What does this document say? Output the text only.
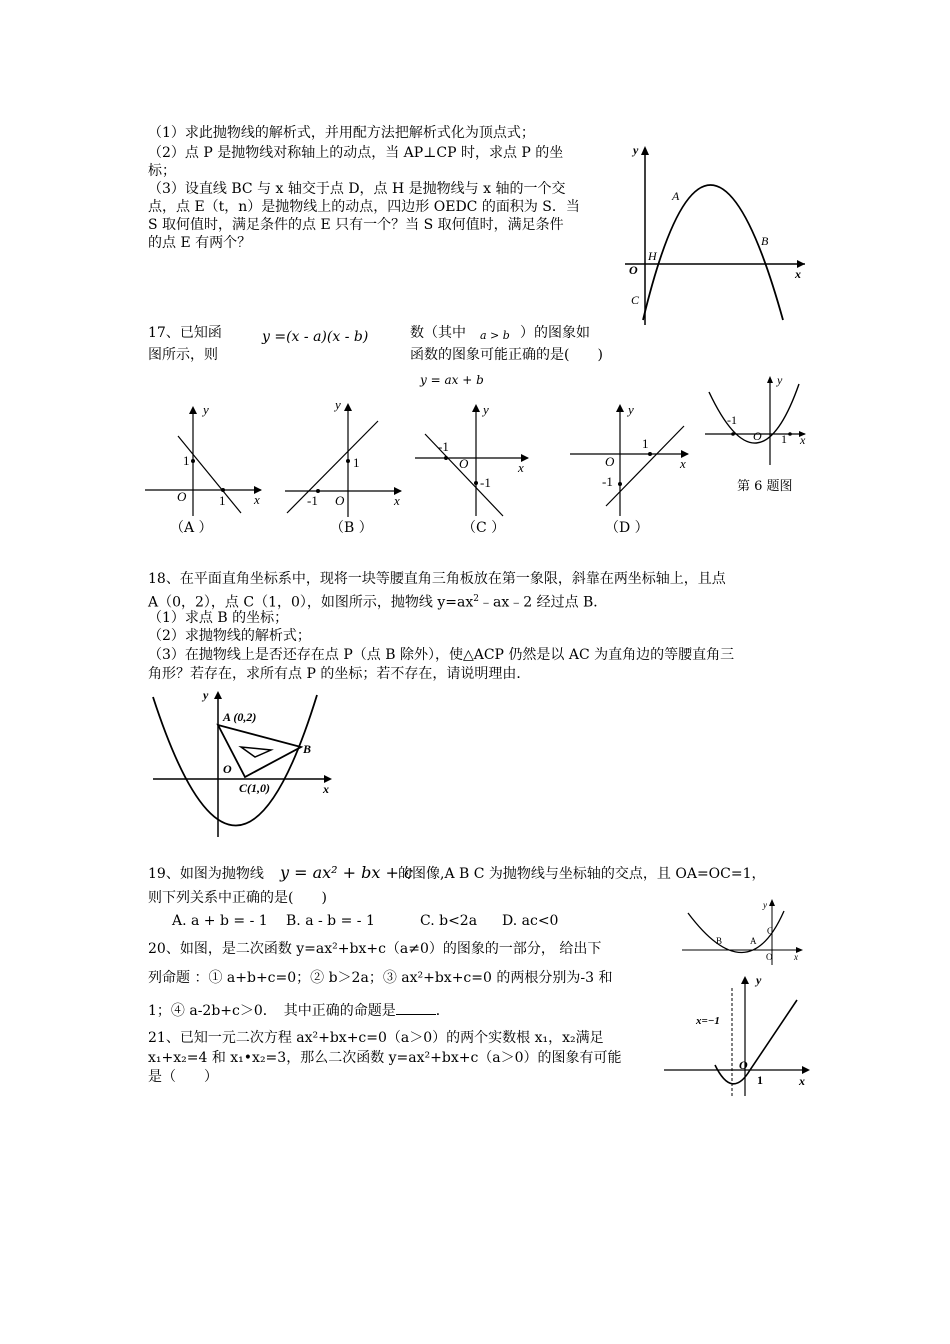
（1）求此抛物线的解析式，并用配方法把解析式化为顶点式；
（2）点 P 是抛物线对称轴上的动点，当 AP⊥CP 时，求点 P 的坐
标；
（3）设直线 BC 与 x 轴交于点 D，点 H 是抛物线与 x 轴的一个交
点，点 E（t，n）是抛物线上的动点，四边形 OEDC 的面积为 S．当
S 取何值时，满足条件的点 E 只有一个？当 S 取何值时，满足条件
的点 E 有两个？
y
x
A
B
H
O
C
17、已知函	y =(x - a)(x - b)	数（其中 a > b ）的图象如
图所示，则	函数的图象可能正确的是(　　)
y = ax + b
y
x
1
1
O
（A ）
y
x
1
-1 O
（B ）
y
x
-1
-1
O
（C ）
y
x
1
-1
O
（D ）
y
x
-1
1
O
第 6 题图
18、在平面直角坐标系中，现将一块等腰直角三角板放在第一象限，斜靠在两坐标轴上，且点
A（0，2），点 C（1，0），如图所示，抛物线 $y=ax^2﹣ax﹣2$ 经过点 B．
（1）求点 B 的坐标；
（2）求抛物线的解析式；
（3）在抛物线上是否还存在点 P（点 B 除外），使△ACP 仍然是以 AC 为直角边的等腰直角三
角形？若存在，求所有点 P 的坐标；若不存在，请说明理由．
y
A (0,2)
B
O
C(1,0)	x
19、如图为抛物线 y = ax² + bx + c
的图像,A B C 为抛物线与坐标轴的交点，且 OA=OC=1，
则下列关系中正确的是(　　)
A. a + b = - 1 B. a - b = - 1	C. b<2a D. ac<0
y
C
B	A
O x
20、如图，是二次函数 y=ax²+bx+c（a≠0）的图象的一部分， 给出下
列命题 ：① a+b+c=0；② b＞2a；③ ax²+bx+c=0 的两根分别为-3 和
1；④ a-2b+c＞0．　其中正确的命题是	．
y
x=−1
O
1	x
21、已知一元二次方程 ax²+bx+c=0（a＞0）的两个实数根 x₁，x₂满足
x₁+x₂=4 和 x₁•x₂=3，那么二次函数 y=ax²+bx+c（a＞0）的图象有可能
是（　　）
